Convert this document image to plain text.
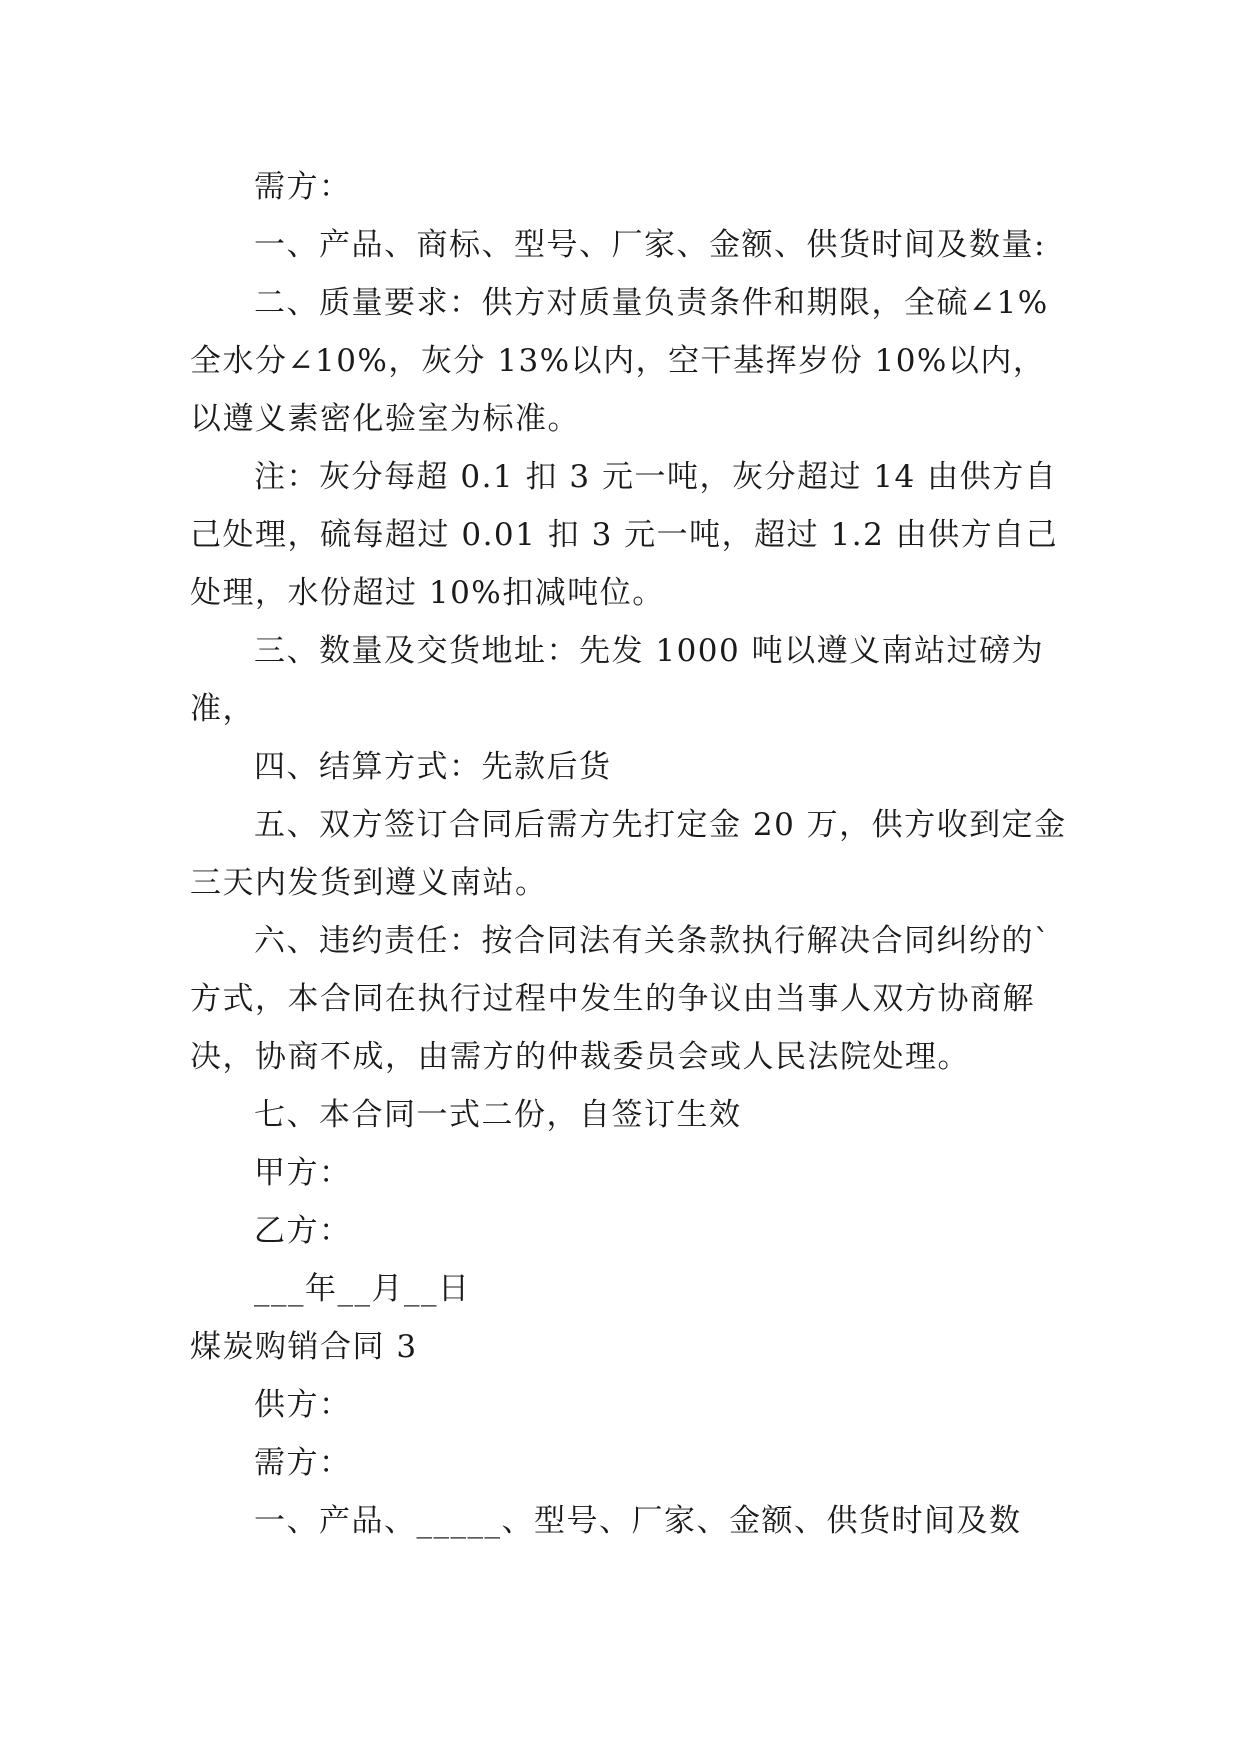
需方：

一、产品、商标、型号、厂家、金额、供货时间及数量:

二、质量要求：供方对质量负责条件和期限，全硫∠1%全水分∠10%，灰分 13%以内，空干基挥岁份 10%以内，以遵义素密化验室为标准。

注：灰分每超 0.1 扣 3 元一吨，灰分超过 14 由供方自己处理，硫每超过 0.01 扣 3 元一吨，超过 1.2 由供方自己处理，水份超过 10%扣减吨位。

三、数量及交货地址：先发 1000 吨以遵义南站过磅为准，

四、结算方式：先款后货

五、双方签订合同后需方先打定金 20 万，供方收到定金三天内发货到遵义南站。

六、违约责任：按合同法有关条款执行解决合同纠纷的`方式，本合同在执行过程中发生的争议由当事人双方协商解决，协商不成，由需方的仲裁委员会或人民法院处理。

七、本合同一式二份，自签订生效

甲方：

乙方：

___年__月__日

煤炭购销合同 3

供方：

需方：

一、产品、_____、型号、厂家、金额、供货时间及数
